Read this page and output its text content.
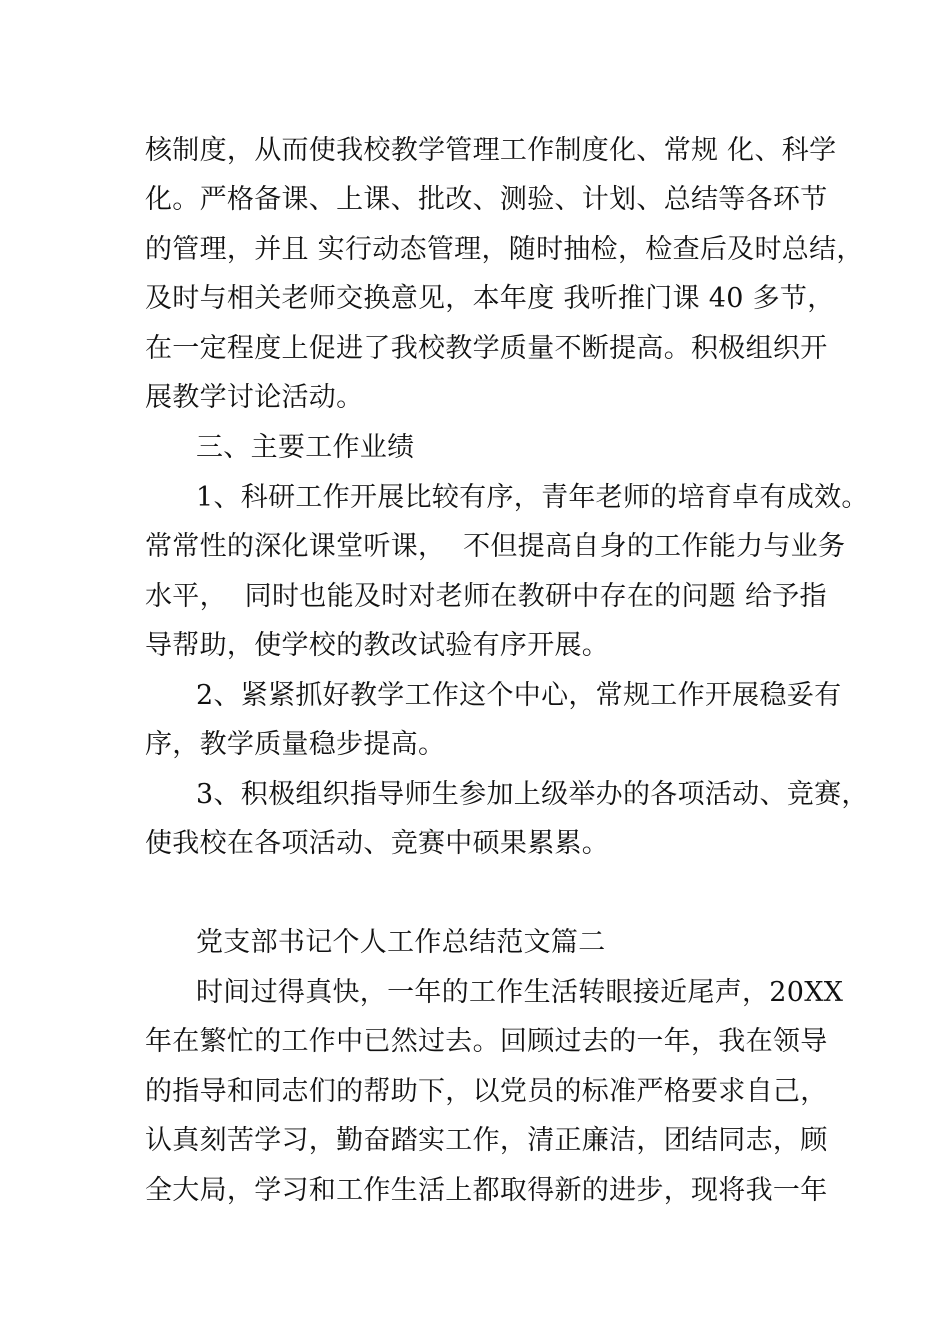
核制度，从而使我校教学管理工作制度化、常规 化、科学
化。严格备课、上课、批改、测验、计划、总结等各环节
的管理，并且 实行动态管理，随时抽检，检查后及时总结，
及时与相关老师交换意见，本年度 我听推门课 40 多节，
在一定程度上促进了我校教学质量不断提高。积极组织开
展教学讨论活动。
三、主要工作业绩
1、科研工作开展比较有序，青年老师的培育卓有成效。
常常性的深化课堂听课，  不但提高自身的工作能力与业务
水平，  同时也能及时对老师在教研中存在的问题 给予指
导帮助，使学校的教改试验有序开展。
2、紧紧抓好教学工作这个中心，常规工作开展稳妥有
序，教学质量稳步提高。
3、积极组织指导师生参加上级举办的各项活动、竞赛，
使我校在各项活动、竞赛中硕果累累。
党支部书记个人工作总结范文篇二
时间过得真快，一年的工作生活转眼接近尾声，20XX
年在繁忙的工作中已然过去。回顾过去的一年，我在领导
的指导和同志们的帮助下，以党员的标准严格要求自己，
认真刻苦学习，勤奋踏实工作，清正廉洁，团结同志，顾
全大局，学习和工作生活上都取得新的进步，现将我一年
